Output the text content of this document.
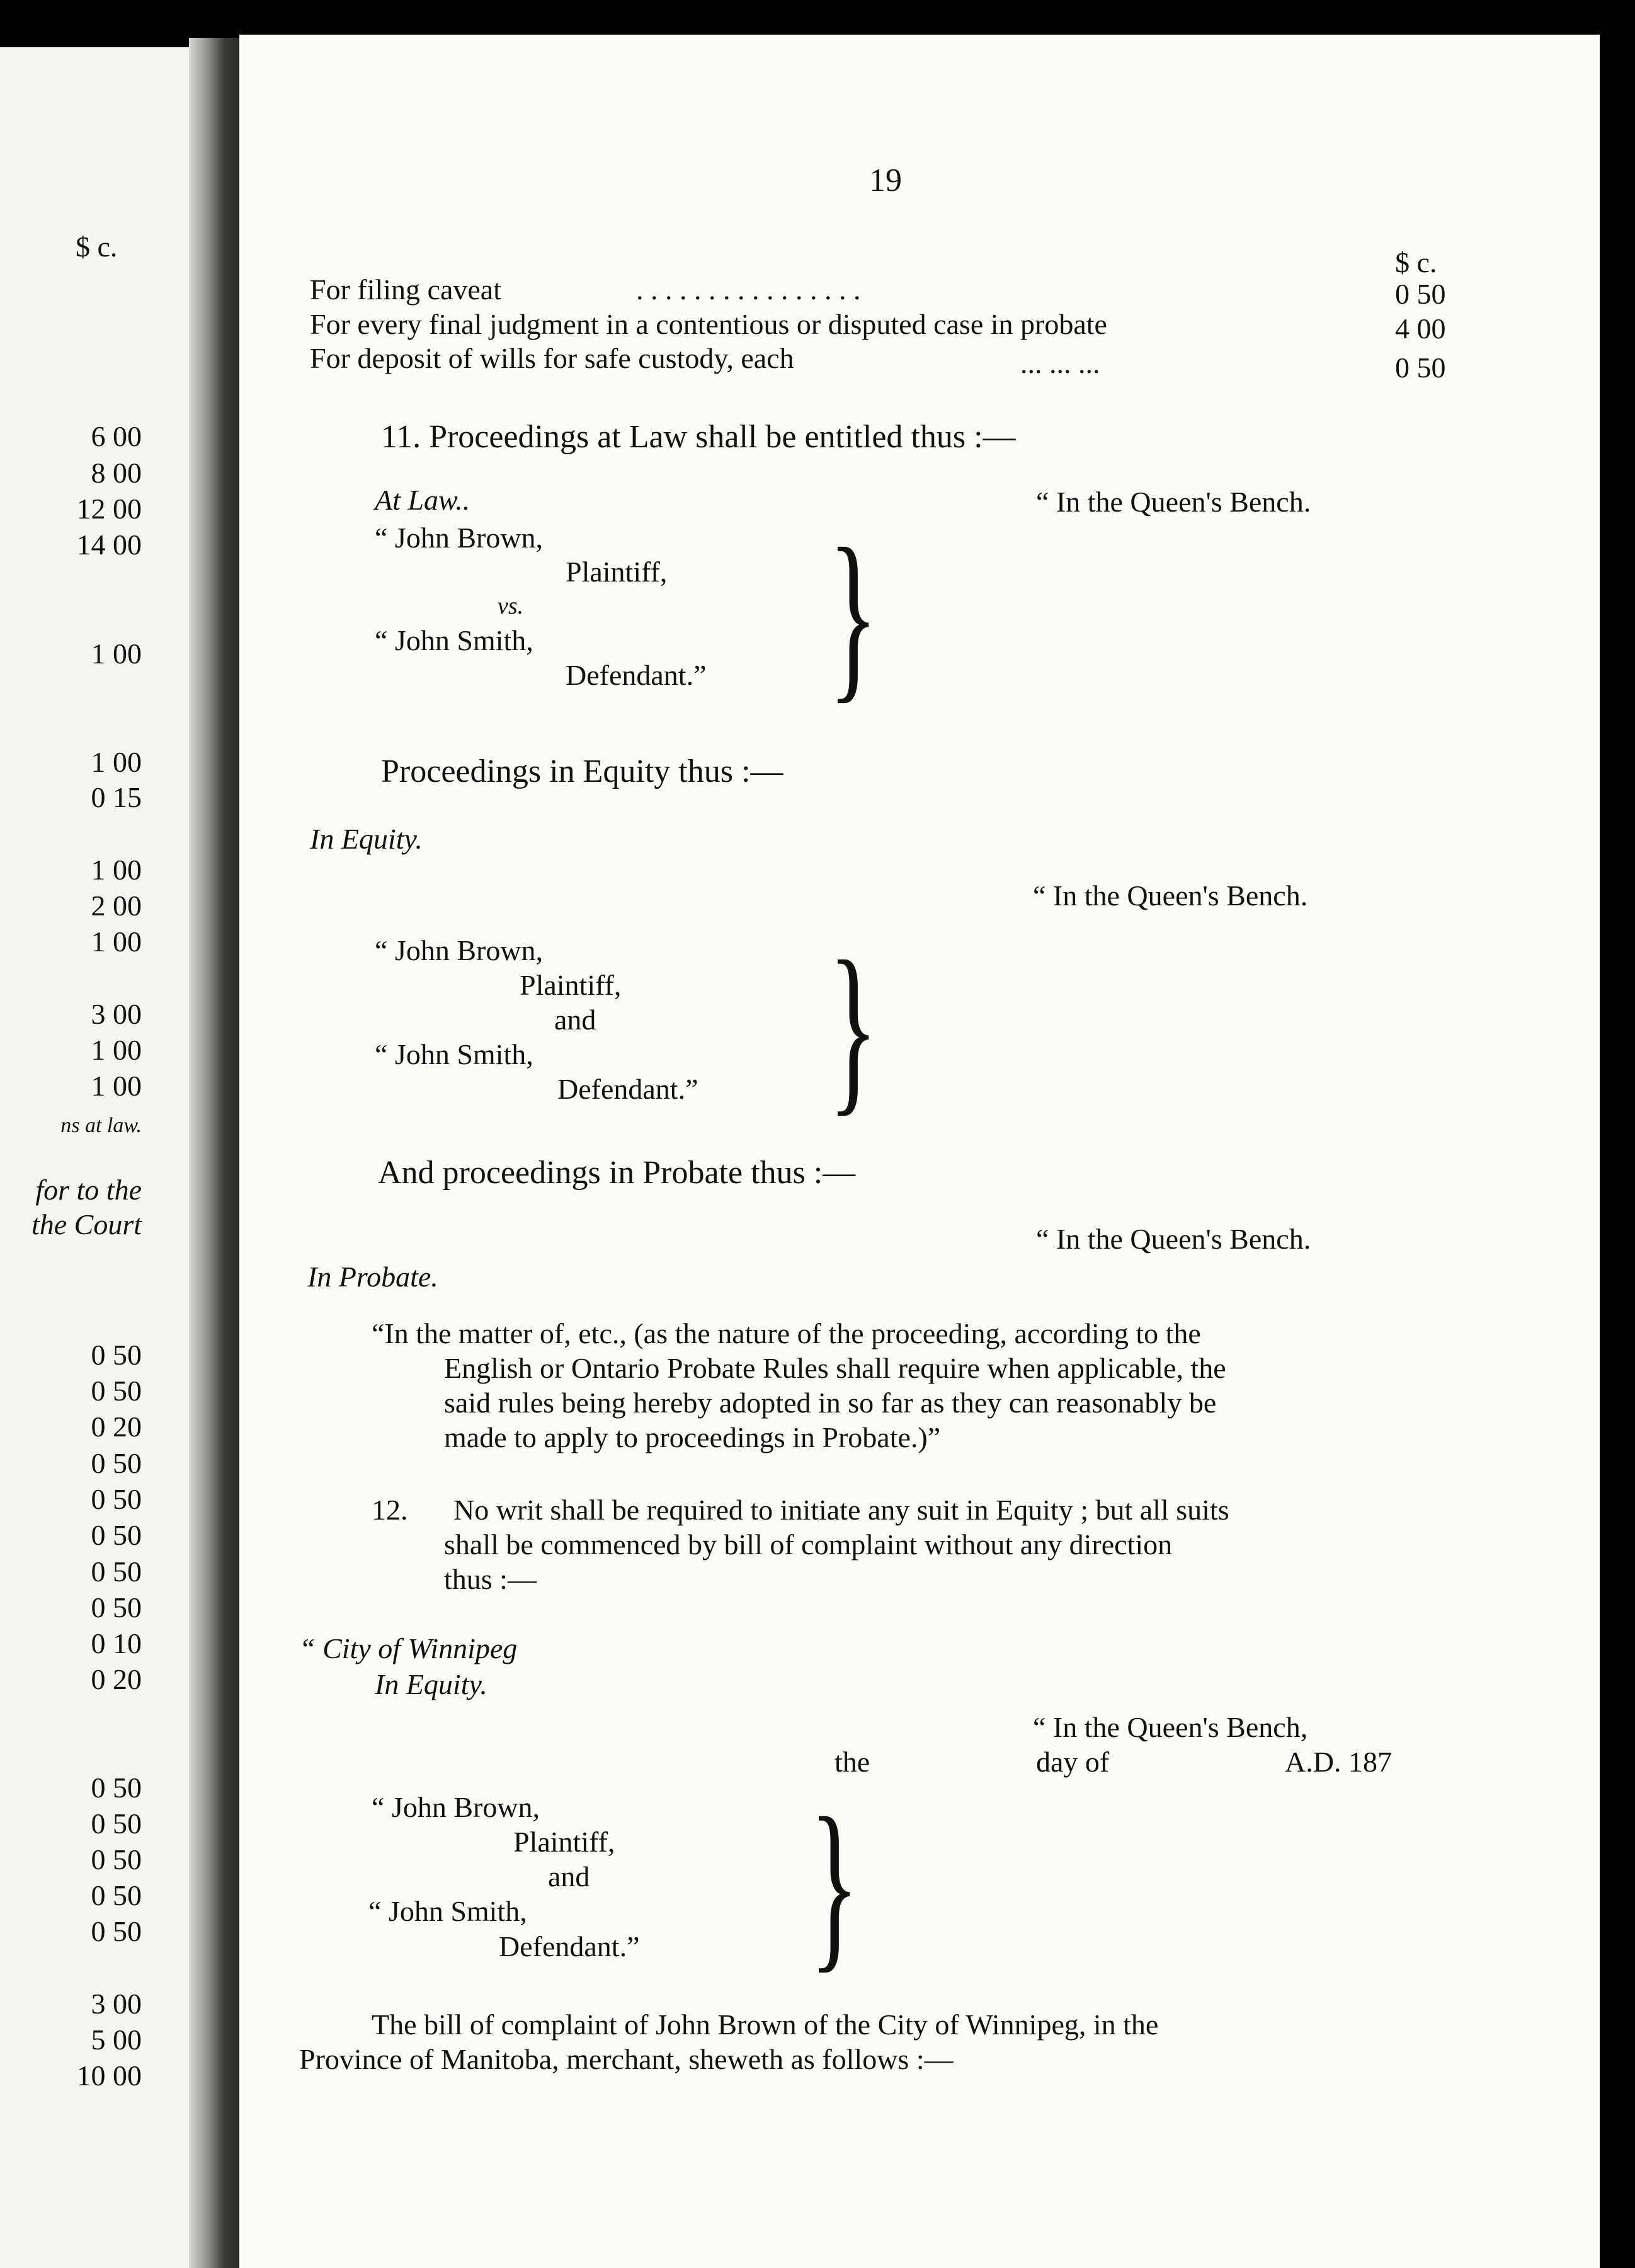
$ c.
6 00
8 00
12 00
14 00
1 00
1 00
0 15
1 00
2 00
1 00
3 00
1 00
1 00
ns at law.
for to the
the Court
0 50
0 50
0 20
0 50
0 50
0 50
0 50
0 50
0 10
0 20
0 50
0 50
0 50
0 50
0 50
3 00
5 00
10 00
19
$ c.
For filing caveat	. . . . . . . . . . . . . . . .	0 50
For every final judgment in a contentious or disputed case in probate	4 00
For deposit of wills for safe custody, each	... ... ...	0 50
11. Proceedings at Law shall be entitled thus :—
At Law..	“ In the Queen's Bench.
“ John Brown,
Plaintiff,
vs.
“ John Smith,
Defendant.” }
Proceedings in Equity thus :—
In Equity.
“ In the Queen's Bench.
“ John Brown,
Plaintiff,
and
“ John Smith,
Defendant.” }
And proceedings in Probate thus :—
“ In the Queen's Bench.
In Probate.
“In the matter of, etc., (as the nature of the proceeding, according to the
English or Ontario Probate Rules shall require when applicable, the
said rules being hereby adopted in so far as they can reasonably be
made to apply to proceedings in Probate.)”
12. No writ shall be required to initiate any suit in Equity ; but all suits
shall be commenced by bill of complaint without any direction
thus :—
“ City of Winnipeg
In Equity.
“ In the Queen's Bench,
the	day of	A.D. 187
“ John Brown,
Plaintiff,
and
“ John Smith,
Defendant.” }
The bill of complaint of John Brown of the City of Winnipeg, in the
Province of Manitoba, merchant, sheweth as follows :—
